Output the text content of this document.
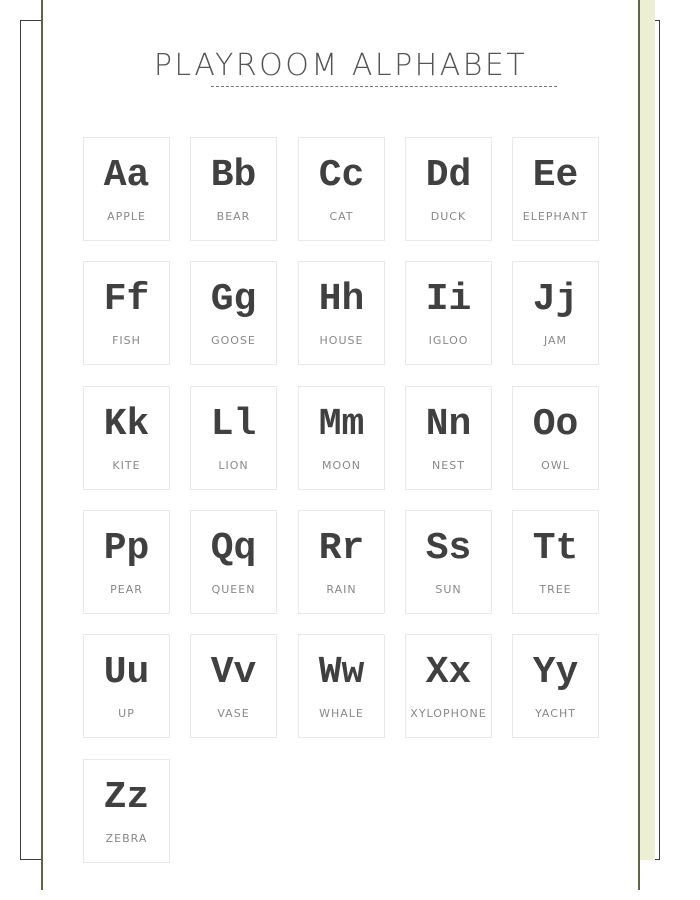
PLAYROOM ALPHABET
Aa
APPLE
Bb
BEAR
Cc
CAT
Dd
DUCK
Ee
ELEPHANT
Ff
FISH
Gg
GOOSE
Hh
HOUSE
Ii
IGLOO
Jj
JAM
Kk
KITE
Ll
LION
Mm
MOON
Nn
NEST
Oo
OWL
Pp
PEAR
Qq
QUEEN
Rr
RAIN
Ss
SUN
Tt
TREE
Uu
UP
Vv
VASE
Ww
WHALE
Xx
XYLOPHONE
Yy
YACHT
Zz
ZEBRA
